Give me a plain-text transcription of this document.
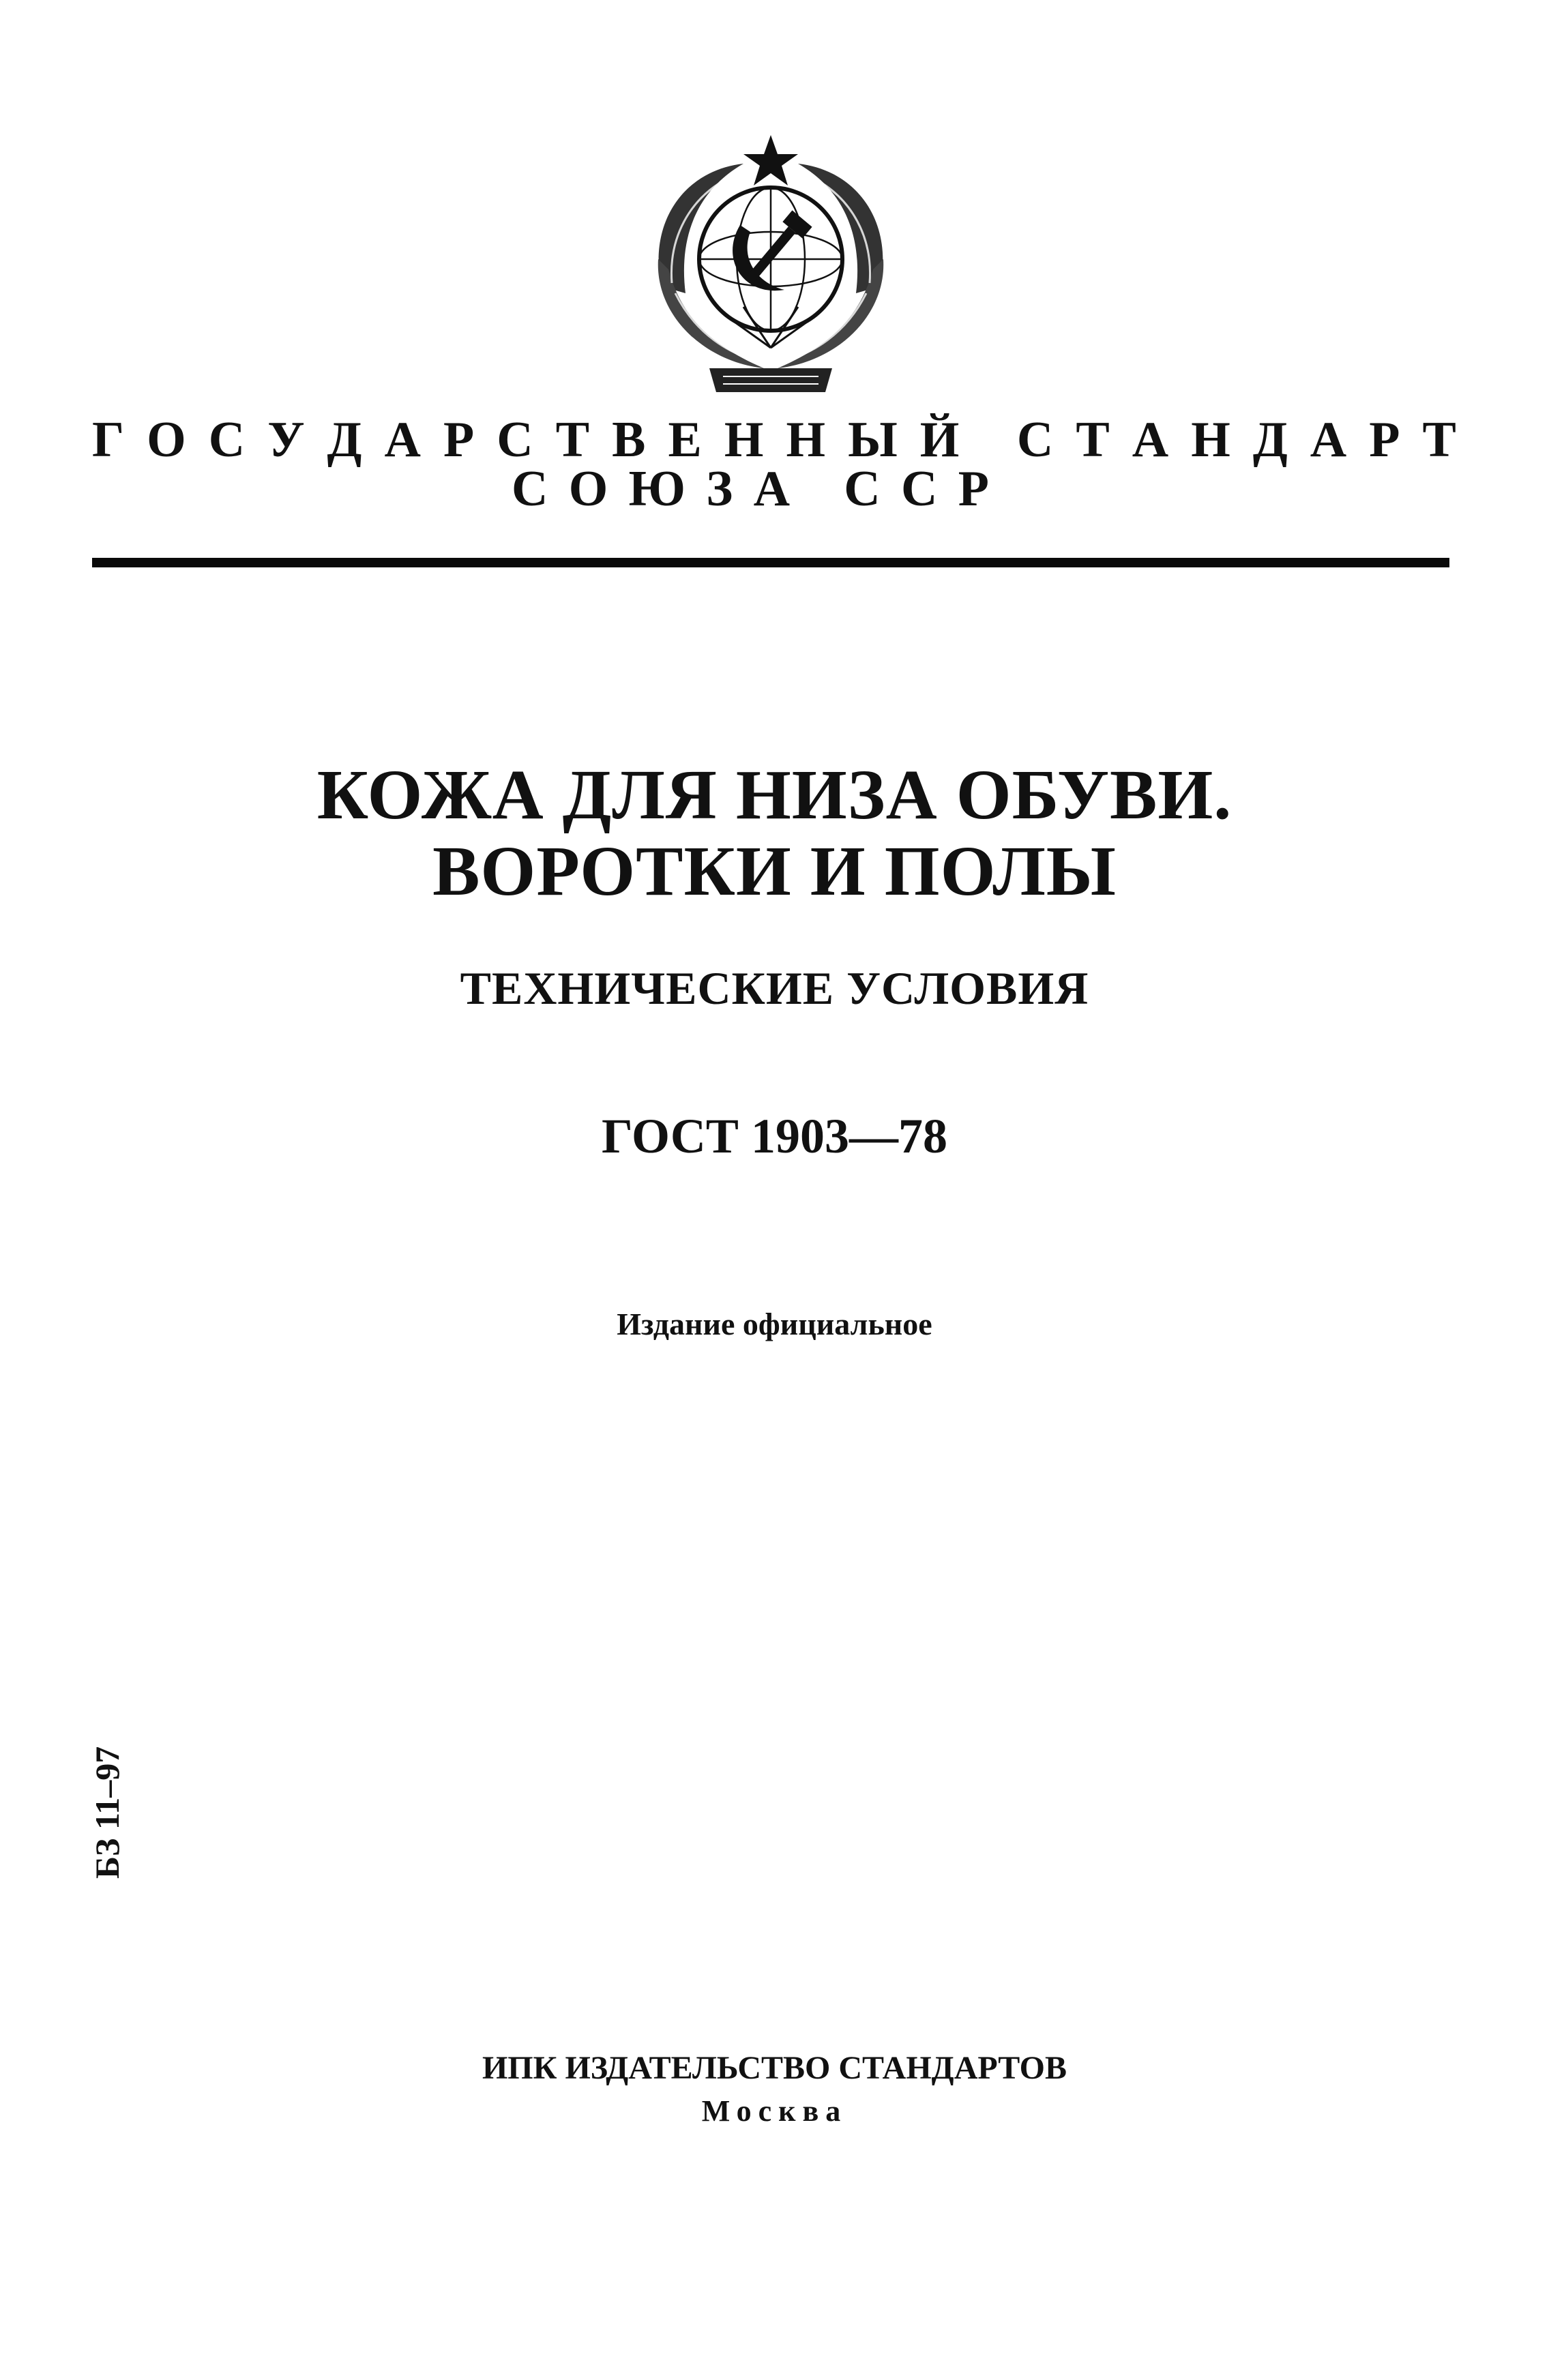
Г О С У Д А Р С Т В Е Н Н Ы Й
С Т А Н Д А Р Т
С О Ю З А
С С Р
КОЖА ДЛЯ НИЗА ОБУВИ.
ВОРОТКИ И ПОЛЫ
ТЕХНИЧЕСКИЕ УСЛОВИЯ
ГОСТ 1903—78
Издание официальное
БЗ 11–97
ИПК ИЗДАТЕЛЬСТВО СТАНДАРТОВ
Москва
